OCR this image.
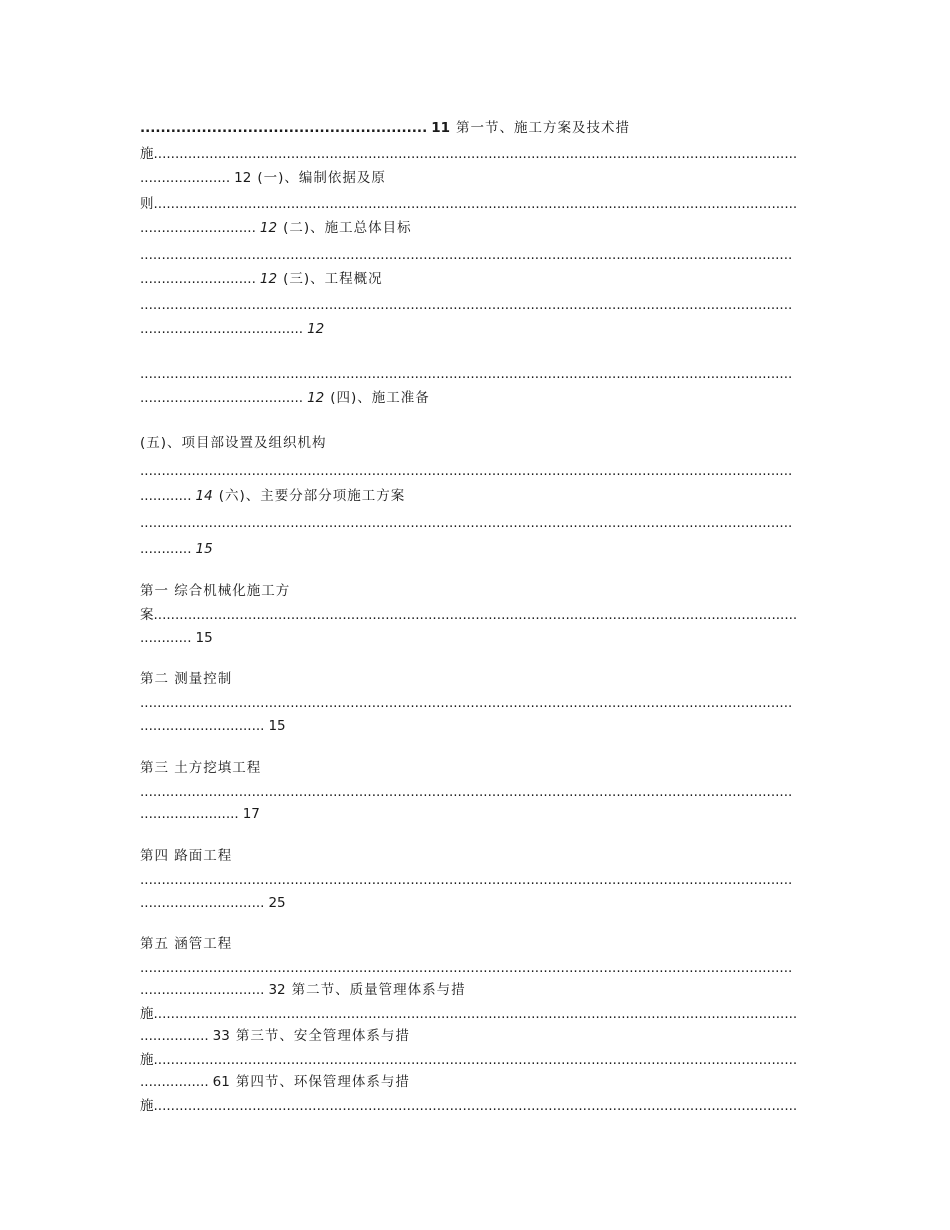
........................................................ 11 第一节、施工方案及技术措
施......................................................................................................................................................
..................... 12 (一)、编制依据及原
则......................................................................................................................................................
........................... 12 (二)、施工总体目标
........................................................................................................................................................
........................... 12 (三)、工程概况
........................................................................................................................................................
...................................... 12
........................................................................................................................................................
...................................... 12 (四)、施工准备
(五)、项目部设置及组织机构
........................................................................................................................................................
............ 14 (六)、主要分部分项施工方案
........................................................................................................................................................
............ 15
第一 综合机械化施工方
案......................................................................................................................................................
............ 15
第二 测量控制
........................................................................................................................................................
............................. 15
第三 土方挖填工程
........................................................................................................................................................
....................... 17
第四 路面工程
........................................................................................................................................................
............................. 25
第五 涵管工程
........................................................................................................................................................
............................. 32 第二节、质量管理体系与措
施......................................................................................................................................................
................ 33 第三节、安全管理体系与措
施......................................................................................................................................................
................ 61 第四节、环保管理体系与措
施......................................................................................................................................................
